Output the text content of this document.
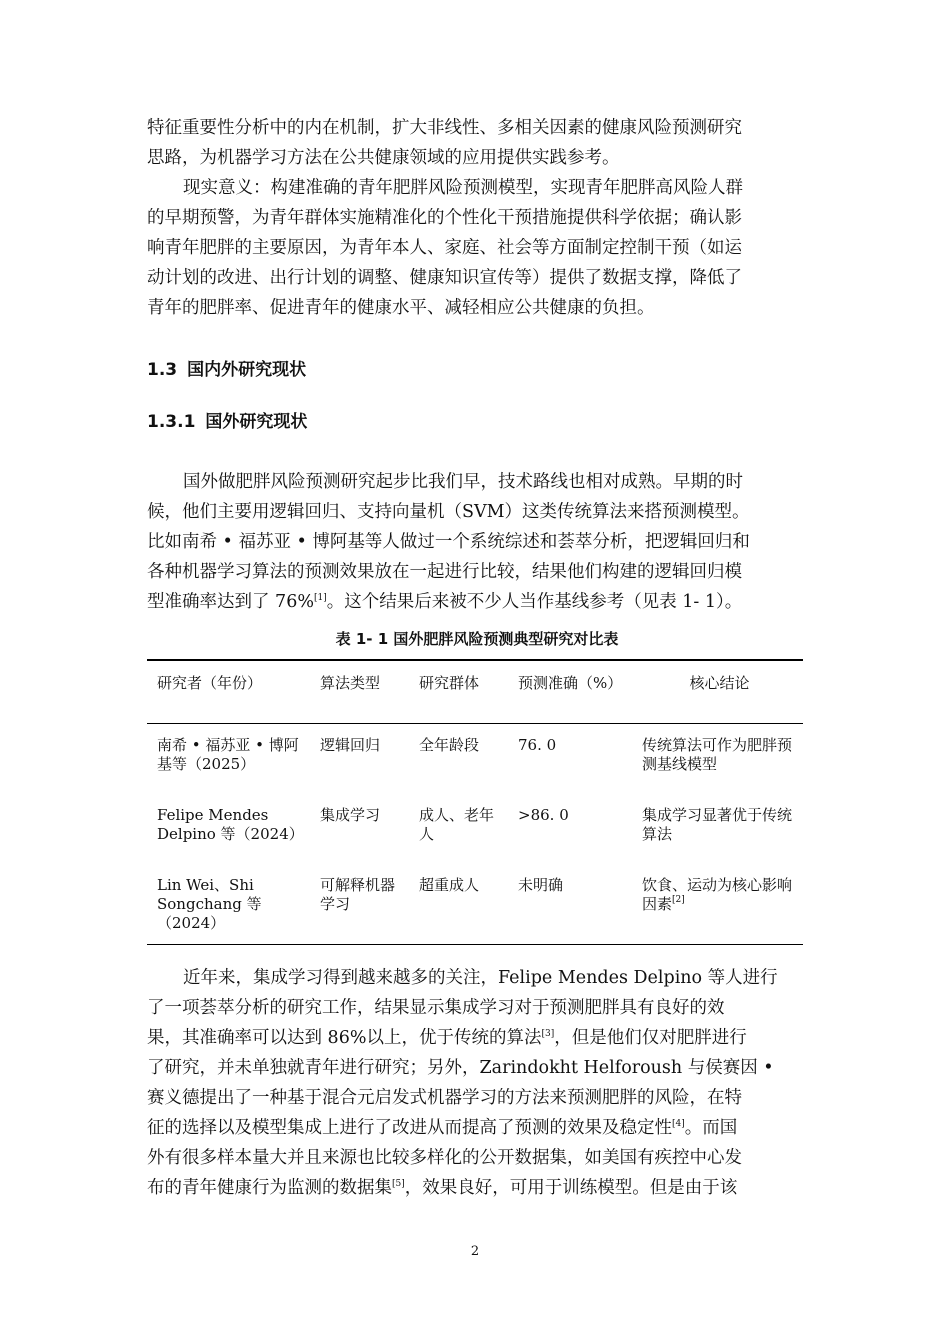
特征重要性分析中的内在机制，扩大非线性、多相关因素的健康风险预测研究
思路，为机器学习方法在公共健康领域的应用提供实践参考。
现实意义：构建准确的青年肥胖风险预测模型，实现青年肥胖高风险人群
的早期预警，为青年群体实施精准化的个性化干预措施提供科学依据；确认影
响青年肥胖的主要原因，为青年本人、家庭、社会等方面制定控制干预（如运
动计划的改进、出行计划的调整、健康知识宣传等）提供了数据支撑，降低了
青年的肥胖率、促进青年的健康水平、减轻相应公共健康的负担。
1.3 国内外研究现状
1.3.1 国外研究现状
国外做肥胖风险预测研究起步比我们早，技术路线也相对成熟。早期的时
候，他们主要用逻辑回归、支持向量机（SVM）这类传统算法来搭预测模型。
比如南希 • 福苏亚 • 博阿基等人做过一个系统综述和荟萃分析，把逻辑回归和
各种机器学习算法的预测效果放在一起进行比较，结果他们构建的逻辑回归模
型准确率达到了 76%[1]。这个结果后来被不少人当作基线参考（见表 1- 1）。

表 1- 1 国外肥胖风险预测典型研究对比表

研究者（年份）	算法类型	研究群体	预测准确（%）	核心结论
南希 • 福苏亚 • 博阿基等（2025）	逻辑回归	全年龄段	76. 0	传统算法可作为肥胖预测基线模型
Felipe Mendes Delpino 等（2024）	集成学习	成人、老年人	>86. 0	集成学习显著优于传统算法
Lin Wei、Shi Songchang 等（2024）	可解释机器学习	超重成人	未明确	饮食、运动为核心影响因素[2]
近年来，集成学习得到越来越多的关注，Felipe Mendes Delpino 等人进行
了一项荟萃分析的研究工作，结果显示集成学习对于预测肥胖具有良好的效
果，其准确率可以达到 86%以上，优于传统的算法[3]，但是他们仅对肥胖进行
了研究，并未单独就青年进行研究；另外，Zarindokht Helforoush 与侯赛因 •
赛义德提出了一种基于混合元启发式机器学习的方法来预测肥胖的风险，在特
征的选择以及模型集成上进行了改进从而提高了预测的效果及稳定性[4]。而国
外有很多样本量大并且来源也比较多样化的公开数据集，如美国有疾控中心发
布的青年健康行为监测的数据集[5]，效果良好，可用于训练模型。但是由于该

2
